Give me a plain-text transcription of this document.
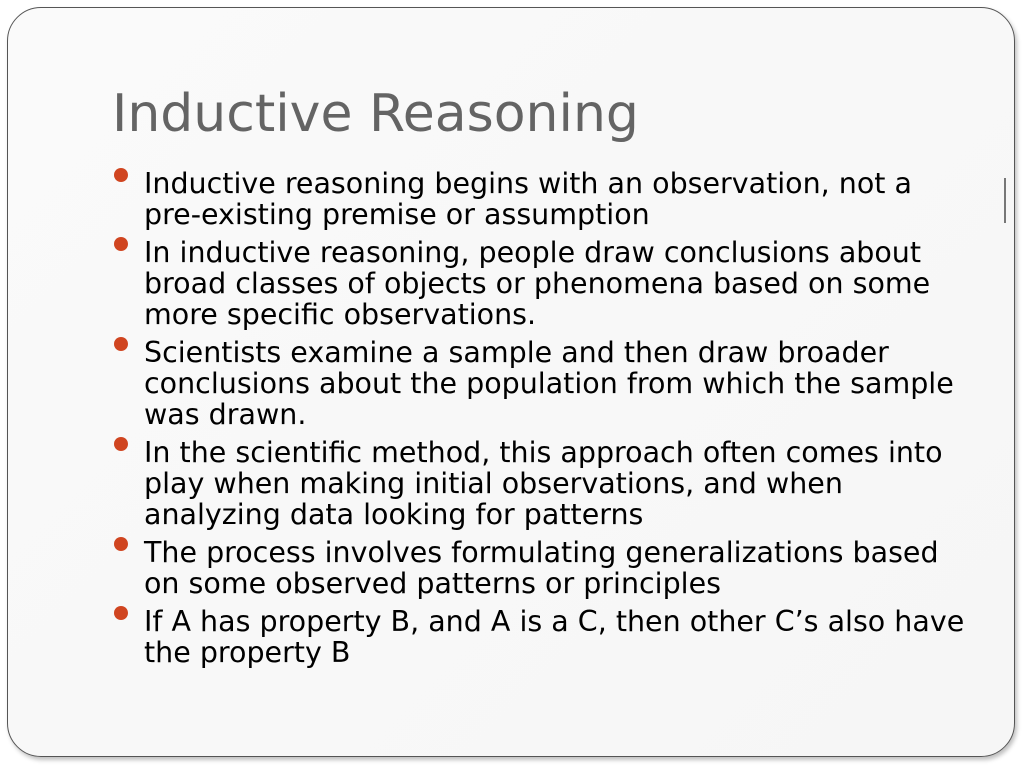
Inductive Reasoning
Inductive reasoning begins with an observation, not a pre-existing premise or assumption
In inductive reasoning, people draw conclusions about broad classes of objects or phenomena based on some more specific observations.
Scientists examine a sample and then draw broader conclusions about the population from which the sample was drawn.
In the scientific method, this approach often comes into play when making initial observations, and when analyzing data looking for patterns
The process involves formulating generalizations based on some observed patterns or principles
If A has property B, and A is a C, then other C’s also have the property B
